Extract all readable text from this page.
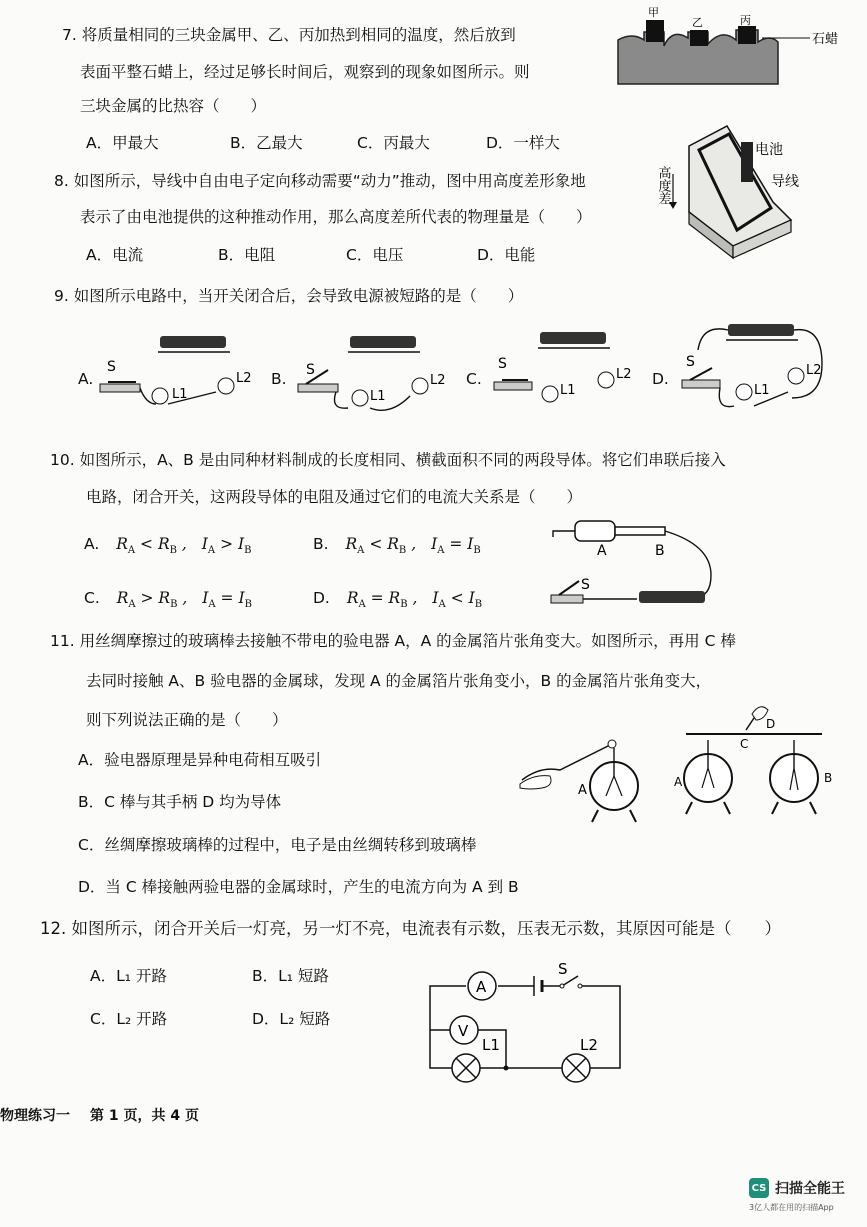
7. 将质量相同的三块金属甲、乙、丙加热到相同的温度，然后放到
表面平整石蜡上，经过足够长时间后，观察到的现象如图所示。则
三块金属的比热容（　　）
A．甲最大	B．乙最大	C．丙最大	D．一样大
甲
乙	丙
石蜡
8. 如图所示，导线中自由电子定向移动需要“动力”推动，图中用高度差形象地
表示了由电池提供的这种推动作用，那么高度差所代表的物理量是（　　）
A．电流	B．电阻	C．电压	D．电能
电池
导线
高度差
9. 如图所示电路中，当开关闭合后，会导致电源被短路的是（　　）
A.
S
L1
L2 B. S
L1
L2 C.
S
L1
L2 D.
S
L1
L2
10. 如图所示，A、B 是由同种材料制成的长度相同、横截面积不同的两段导体。将它们串联后接入
电路，闭合开关，这两段导体的电阻及通过它们的电流大关系是（　　）
A. $R_A < R_B$ , $I_A > I_B$	B. $R_A < R_B$ , $I_A = I_B$
C. $R_A > R_B$ , $I_A = I_B$	D. $R_A = R_B$ , $I_A < I_B$
A	B
S
11. 用丝绸摩擦过的玻璃棒去接触不带电的验电器 A，A 的金属箔片张角变大。如图所示，再用 C 棒
去同时接触 A、B 验电器的金属球，发现 A 的金属箔片张角变小，B 的金属箔片张角变大，
则下列说法正确的是（　　）
A．验电器原理是异种电荷相互吸引
B．C 棒与其手柄 D 均为导体
C．丝绸摩擦玻璃棒的过程中，电子是由丝绸转移到玻璃棒
D．当 C 棒接触两验电器的金属球时，产生的电流方向为 A 到 B
A
D
C
A	B
12. 如图所示，闭合开关后一灯亮，另一灯不亮，电流表有示数，压表无示数，其原因可能是（　　）
A．L₁ 开路	B．L₁ 短路
C．L₂ 开路	D．L₂ 短路
S
A
V
L1	L2
物理练习一 第 1 页，共 4 页
CS 扫描全能王
3亿人都在用的扫描App
